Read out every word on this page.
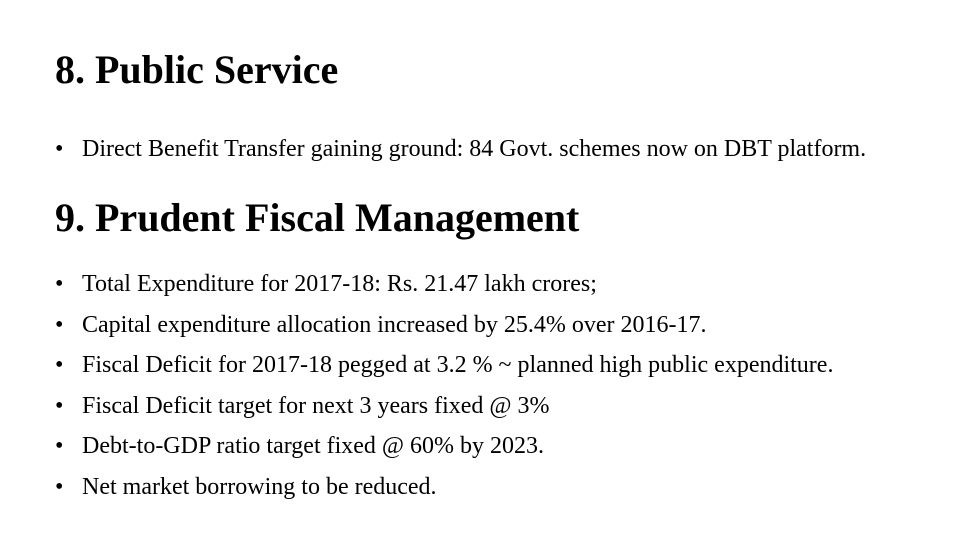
8. Public Service
• Direct Benefit Transfer gaining ground: 84 Govt. schemes now on DBT platform.
9. Prudent Fiscal Management
• Total Expenditure for 2017-18: Rs. 21.47 lakh crores;
• Capital expenditure allocation increased by 25.4% over 2016-17.
• Fiscal Deficit for 2017-18 pegged at 3.2 % ~ planned high public expenditure.
• Fiscal Deficit target for next 3 years fixed @ 3%
• Debt-to-GDP ratio target fixed @ 60% by 2023.
• Net market borrowing to be reduced.
